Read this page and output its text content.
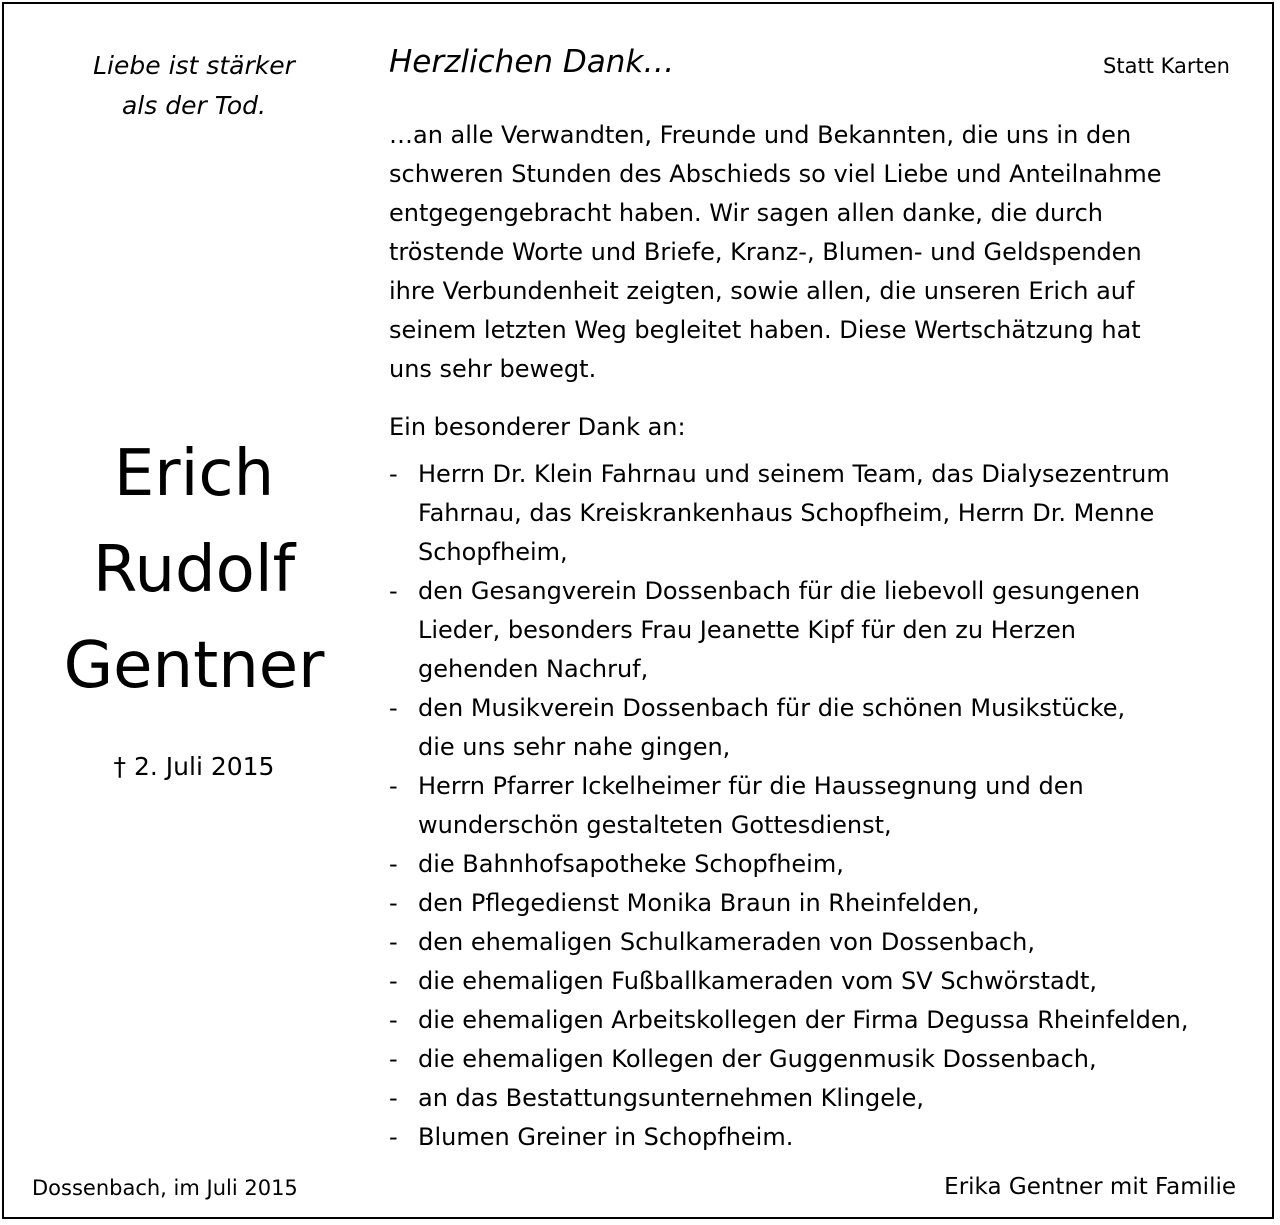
Liebe ist stärker
als der Tod.
Erich
Rudolf
Gentner
† 2. Juli 2015
Herzlichen Dank…	Statt Karten
…an alle Verwandten, Freunde und Bekannten, die uns in den
schweren Stunden des Abschieds so viel Liebe und Anteilnahme
entgegengebracht haben. Wir sagen allen danke, die durch
tröstende Worte und Briefe, Kranz-, Blumen- und Geldspenden
ihre Verbundenheit zeigten, sowie allen, die unseren Erich auf
seinem letzten Weg begleitet haben. Diese Wertschätzung hat
uns sehr bewegt.
Ein besonderer Dank an:
- Herrn Dr. Klein Fahrnau und seinem Team, das Dialysezentrum
Fahrnau, das Kreiskrankenhaus Schopfheim, Herrn Dr. Menne
Schopfheim,
- den Gesangverein Dossenbach für die liebevoll gesungenen
Lieder, besonders Frau Jeanette Kipf für den zu Herzen
gehenden Nachruf,
- den Musikverein Dossenbach für die schönen Musikstücke,
die uns sehr nahe gingen,
- Herrn Pfarrer Ickelheimer für die Haussegnung und den
wunderschön gestalteten Gottesdienst,
- die Bahnhofsapotheke Schopfheim,
- den Pflegedienst Monika Braun in Rheinfelden,
- den ehemaligen Schulkameraden von Dossenbach,
- die ehemaligen Fußballkameraden vom SV Schwörstadt,
- die ehemaligen Arbeitskollegen der Firma Degussa Rheinfelden,
- die ehemaligen Kollegen der Guggenmusik Dossenbach,
- an das Bestattungsunternehmen Klingele,
- Blumen Greiner in Schopfheim.
Dossenbach, im Juli 2015	Erika Gentner mit Familie
